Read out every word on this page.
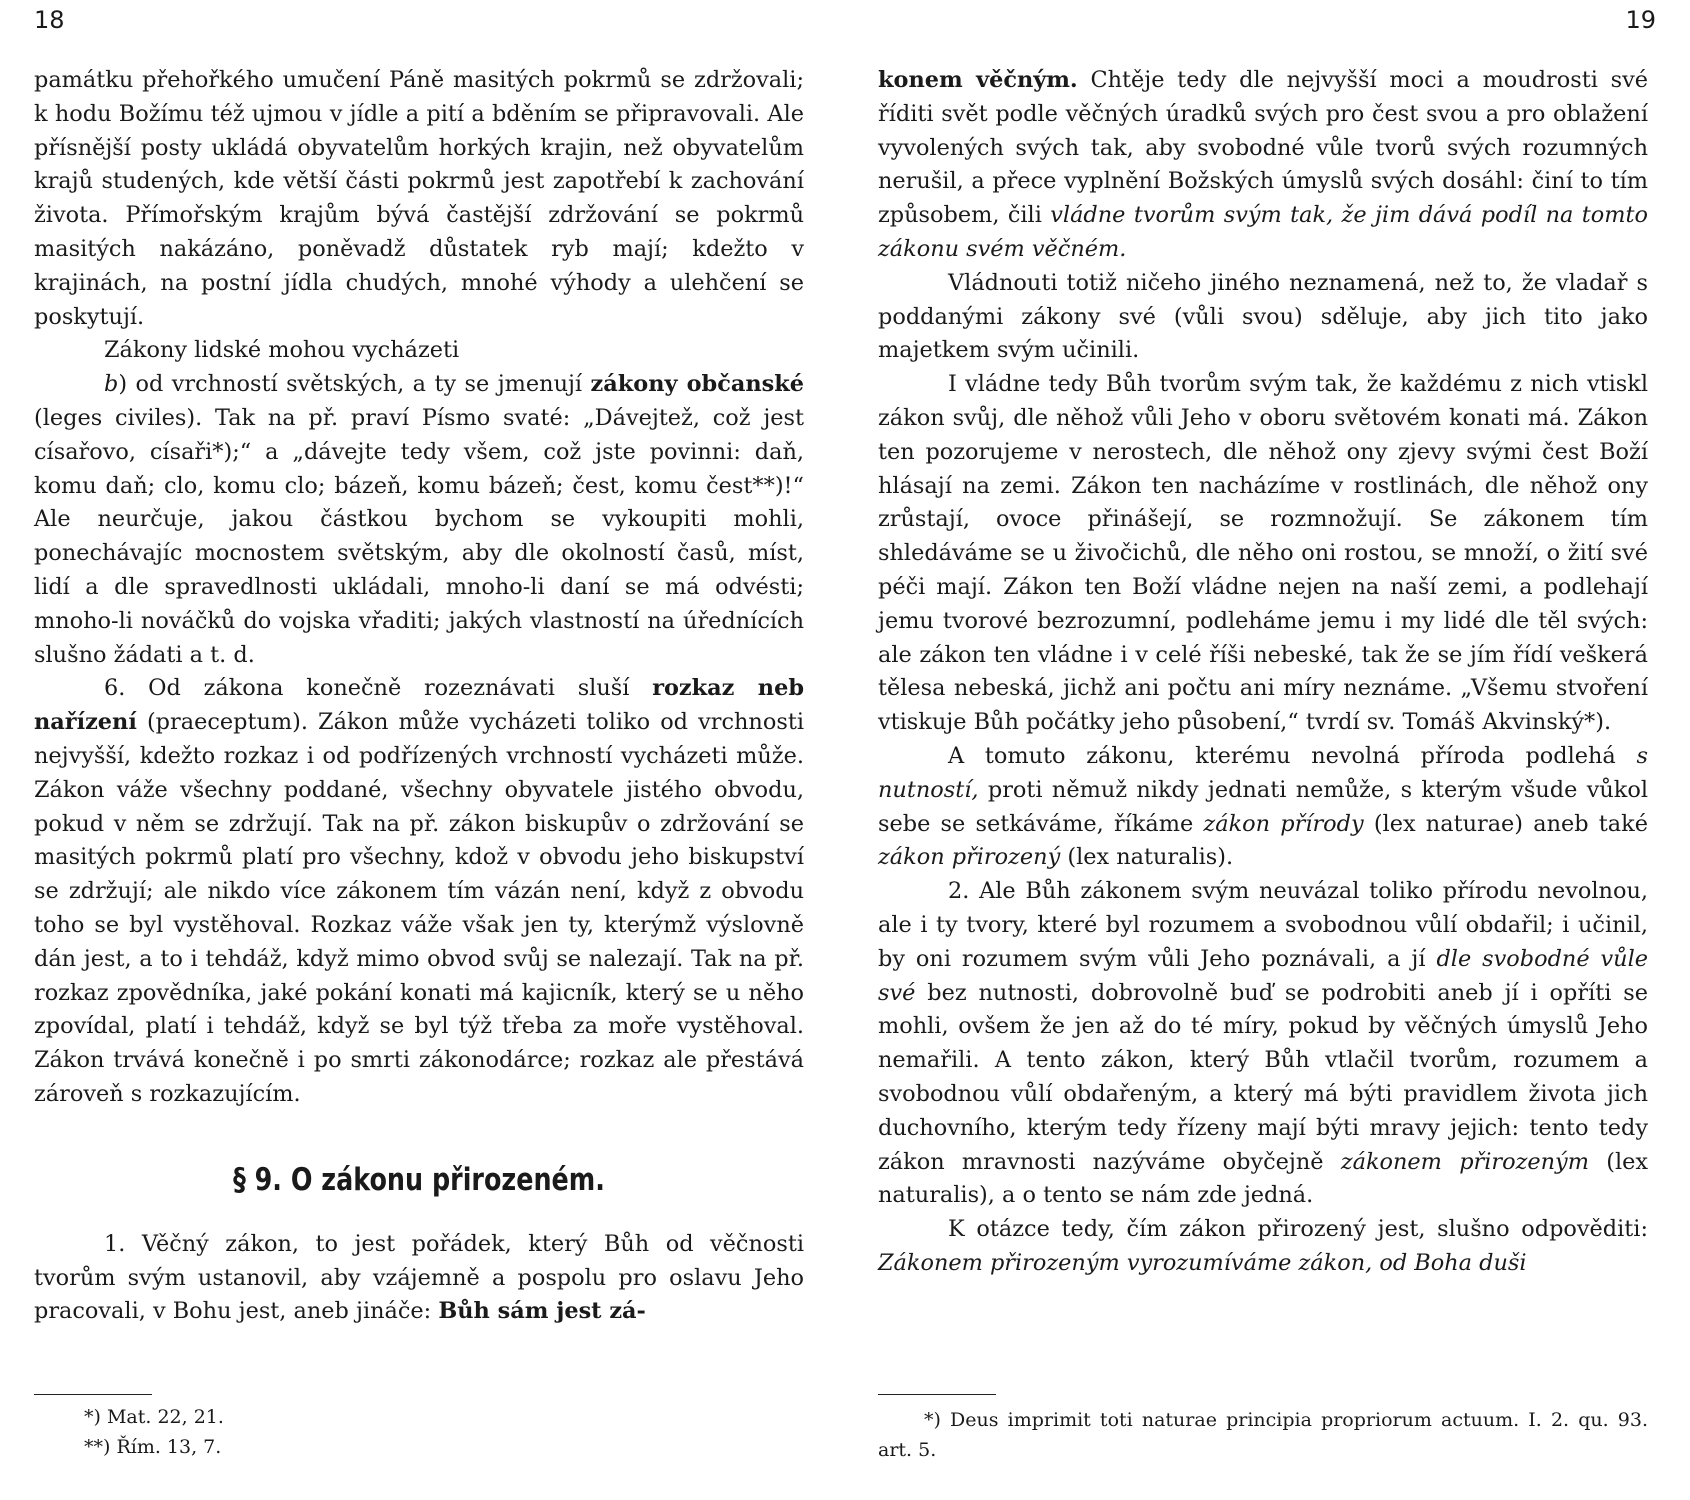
18	19

památku přehořkého umučení Páně masitých pokrmů se zdržovali; k hodu Božímu též ujmou v jídle a pití a bděním se připravovali. Ale přísnější posty ukládá obyvatelům horkých krajin, než obyvatelům krajů studených, kde větší části pokrmů jest zapotřebí k zachování života. Přímořským krajům bývá častější zdržování se pokrmů masitých nakázáno, poněvadž důstatek ryb mají; kdežto v krajinách, na postní jídla chudých, mnohé výhody a ulehčení se poskytují.

Zákony lidské mohou vycházeti

b) od vrchností světských, a ty se jmenují zákony občanské (leges civiles). Tak na př. praví Písmo svaté: „Dávejtež, což jest císařovo, císaři*);“ a „dávejte tedy všem, což jste povinni: daň, komu daň; clo, komu clo; bázeň, komu bázeň; čest, komu čest**)!“ Ale neurčuje, jakou částkou bychom se vykoupiti mohli, ponechávajíc mocnostem světským, aby dle okolností časů, míst, lidí a dle spravedlnosti ukládali, mnoho-li daní se má odvésti; mnoho-li nováčků do vojska vřaditi; jakých vlastností na úřednících slušno žádati a t. d.

6. Od zákona konečně rozeznávati sluší rozkaz neb nařízení (praeceptum). Zákon může vycházeti toliko od vrchnosti nejvyšší, kdežto rozkaz i od podřízených vrchností vycházeti může. Zákon váže všechny poddané, všechny obyvatele jistého obvodu, pokud v něm se zdržují. Tak na př. zákon biskupův o zdržování se masitých pokrmů platí pro všechny, kdož v obvodu jeho biskupství se zdržují; ale nikdo více zákonem tím vázán není, když z obvodu toho se byl vystěhoval. Rozkaz váže však jen ty, kterýmž výslovně dán jest, a to i tehdáž, když mimo obvod svůj se nalezají. Tak na př. rozkaz zpovědníka, jaké pokání konati má kajicník, který se u něho zpovídal, platí i tehdáž, když se byl týž třeba za moře vystěhoval. Zákon trvává konečně i po smrti zákonodárce; rozkaz ale přestává zároveň s rozkazujícím.

§ 9. O zákonu přirozeném.

1. Věčný zákon, to jest pořádek, který Bůh od věčnosti tvorům svým ustanovil, aby vzájemně a pospolu pro oslavu Jeho pracovali, v Bohu jest, aneb jináče: Bůh sám jest zá-

konem věčným. Chtěje tedy dle nejvyšší moci a moudrosti své říditi svět podle věčných úradků svých pro čest svou a pro oblažení vyvolených svých tak, aby svobodné vůle tvorů svých rozumných nerušil, a přece vyplnění Božských úmyslů svých dosáhl: činí to tím způsobem, čili vládne tvorům svým tak, že jim dává podíl na tomto zákonu svém věčném.

Vládnouti totiž ničeho jiného neznamená, než to, že vladař s poddanými zákony své (vůli svou) sděluje, aby jich tito jako majetkem svým učinili.

I vládne tedy Bůh tvorům svým tak, že každému z nich vtiskl zákon svůj, dle něhož vůli Jeho v oboru světovém konati má. Zákon ten pozorujeme v nerostech, dle něhož ony zjevy svými čest Boží hlásají na zemi. Zákon ten nacházíme v rostlinách, dle něhož ony zrůstají, ovoce přinášejí, se rozmnožují. Se zákonem tím shledáváme se u živočichů, dle něho oni rostou, se množí, o žití své péči mají. Zákon ten Boží vládne nejen na naší zemi, a podlehají jemu tvorové bezrozumní, podleháme jemu i my lidé dle těl svých: ale zákon ten vládne i v celé říši nebeské, tak že se jím řídí veškerá tělesa nebeská, jichž ani počtu ani míry neznáme. „Všemu stvoření vtiskuje Bůh počátky jeho působení,“ tvrdí sv. Tomáš Akvinský*).

A tomuto zákonu, kterému nevolná příroda podlehá s nutností, proti němuž nikdy jednati nemůže, s kterým všude vůkol sebe se setkáváme, říkáme zákon přírody (lex naturae) aneb také zákon přirozený (lex naturalis).

2. Ale Bůh zákonem svým neuvázal toliko přírodu nevolnou, ale i ty tvory, které byl rozumem a svobodnou vůlí obdařil; i učinil, by oni rozumem svým vůli Jeho poznávali, a jí dle svobodné vůle své bez nutnosti, dobrovolně buď se podrobiti aneb jí i opříti se mohli, ovšem že jen až do té míry, pokud by věčných úmyslů Jeho nemařili. A tento zákon, který Bůh vtlačil tvorům, rozumem a svobodnou vůlí obdařeným, a který má býti pravidlem života jich duchovního, kterým tedy řízeny mají býti mravy jejich: tento tedy zákon mravnosti nazýváme obyčejně zákonem přirozeným (lex naturalis), a o tento se nám zde jedná.

K otázce tedy, čím zákon přirozený jest, slušno odpověditi: Zákonem přirozeným vyrozumíváme zákon, od Boha duši

*) Mat. 22, 21.

**) Řím. 13, 7.

*) Deus imprimit toti naturae principia propriorum actuum. I. 2. qu. 93. art. 5.
